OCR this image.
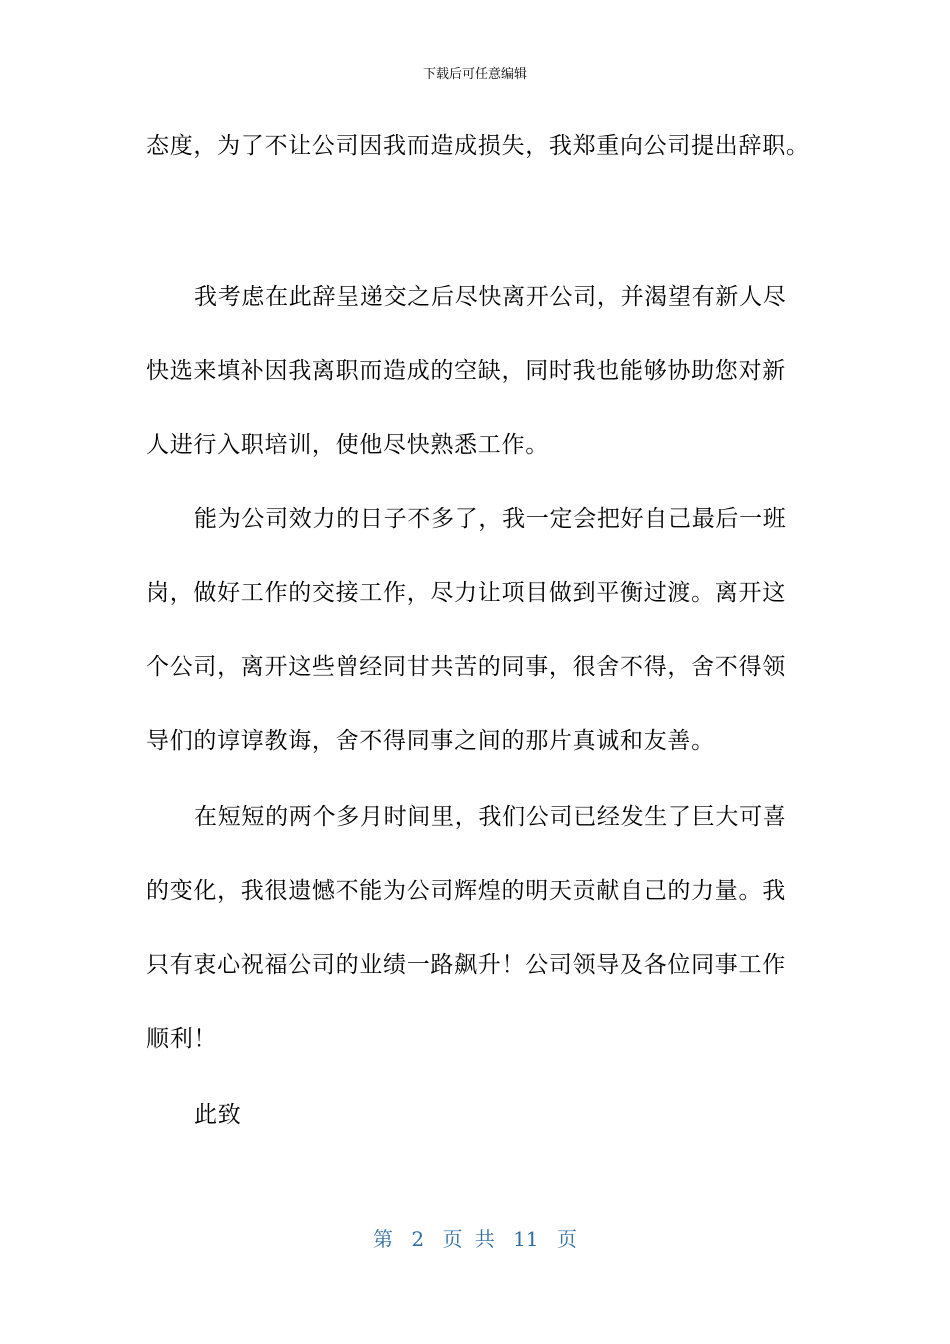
下载后可任意编辑
态度，为了不让公司因我而造成损失，我郑重向公司提出辞职。
我考虑在此辞呈递交之后尽快离开公司，并渴望有新人尽
快选来填补因我离职而造成的空缺，同时我也能够协助您对新
人进行入职培训，使他尽快熟悉工作。
能为公司效力的日子不多了，我一定会把好自己最后一班
岗，做好工作的交接工作，尽力让项目做到平衡过渡。离开这
个公司，离开这些曾经同甘共苦的同事，很舍不得，舍不得领
导们的谆谆教诲，舍不得同事之间的那片真诚和友善。
在短短的两个多月时间里，我们公司已经发生了巨大可喜
的变化，我很遗憾不能为公司辉煌的明天贡献自己的力量。我
只有衷心祝福公司的业绩一路飙升！公司领导及各位同事工作
顺利！
此致
第 2 页 共 11 页
